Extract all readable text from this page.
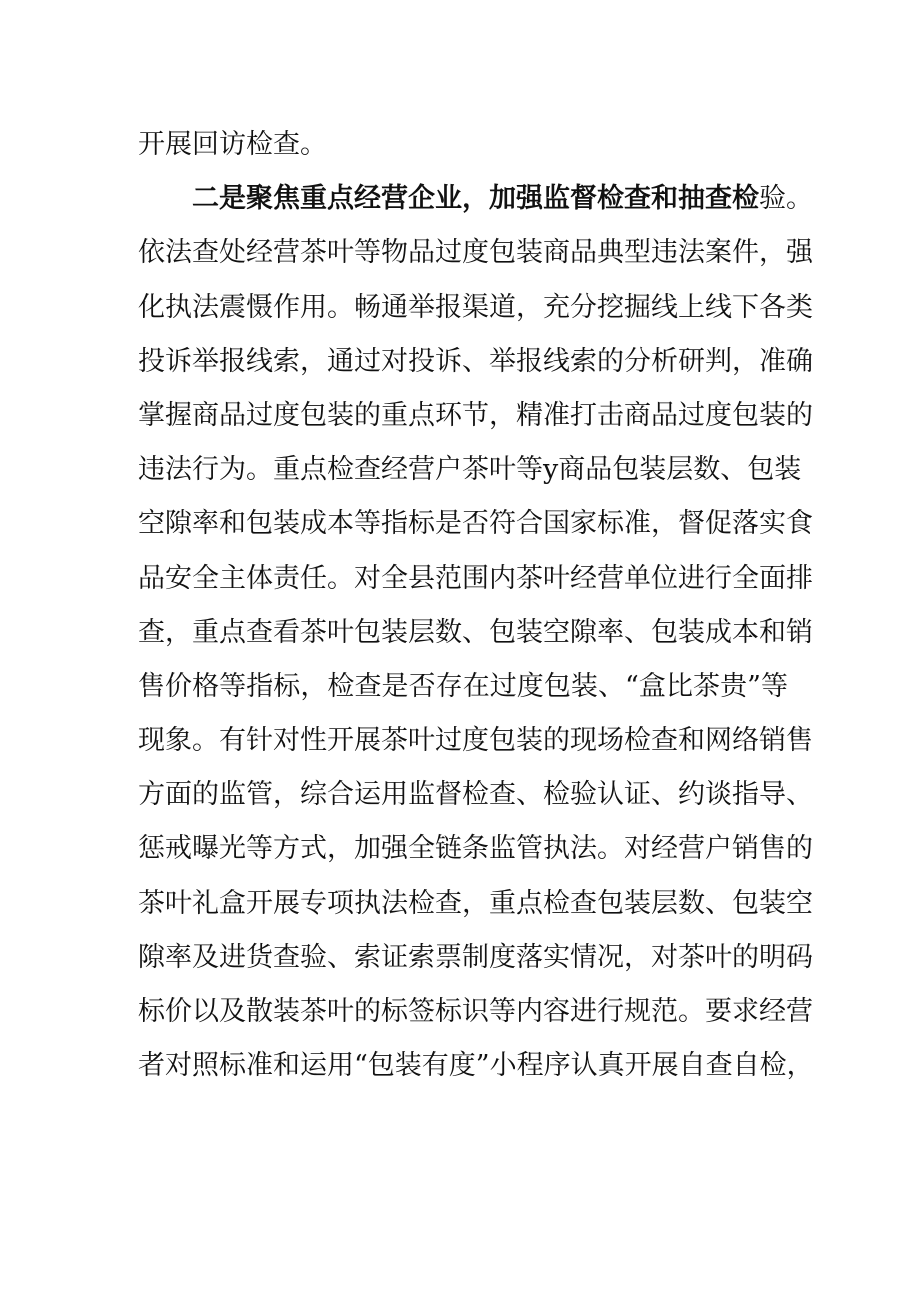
开展回访检查。
二是聚焦重点经营企业，加强监督检查和抽查检验。
依法查处经营茶叶等物品过度包装商品典型违法案件，强
化执法震慑作用。畅通举报渠道，充分挖掘线上线下各类
投诉举报线索，通过对投诉、举报线索的分析研判，准确
掌握商品过度包装的重点环节，精准打击商品过度包装的
违法行为。重点检查经营户茶叶等y商品包装层数、包装
空隙率和包装成本等指标是否符合国家标准，督促落实食
品安全主体责任。对全县范围内茶叶经营单位进行全面排
查，重点查看茶叶包装层数、包装空隙率、包装成本和销
售价格等指标，检查是否存在过度包装、“盒比茶贵”等
现象。有针对性开展茶叶过度包装的现场检查和网络销售
方面的监管，综合运用监督检查、检验认证、约谈指导、
惩戒曝光等方式，加强全链条监管执法。对经营户销售的
茶叶礼盒开展专项执法检查，重点检查包装层数、包装空
隙率及进货查验、索证索票制度落实情况，对茶叶的明码
标价以及散装茶叶的标签标识等内容进行规范。要求经营
者对照标准和运用“包装有度”小程序认真开展自查自检，
